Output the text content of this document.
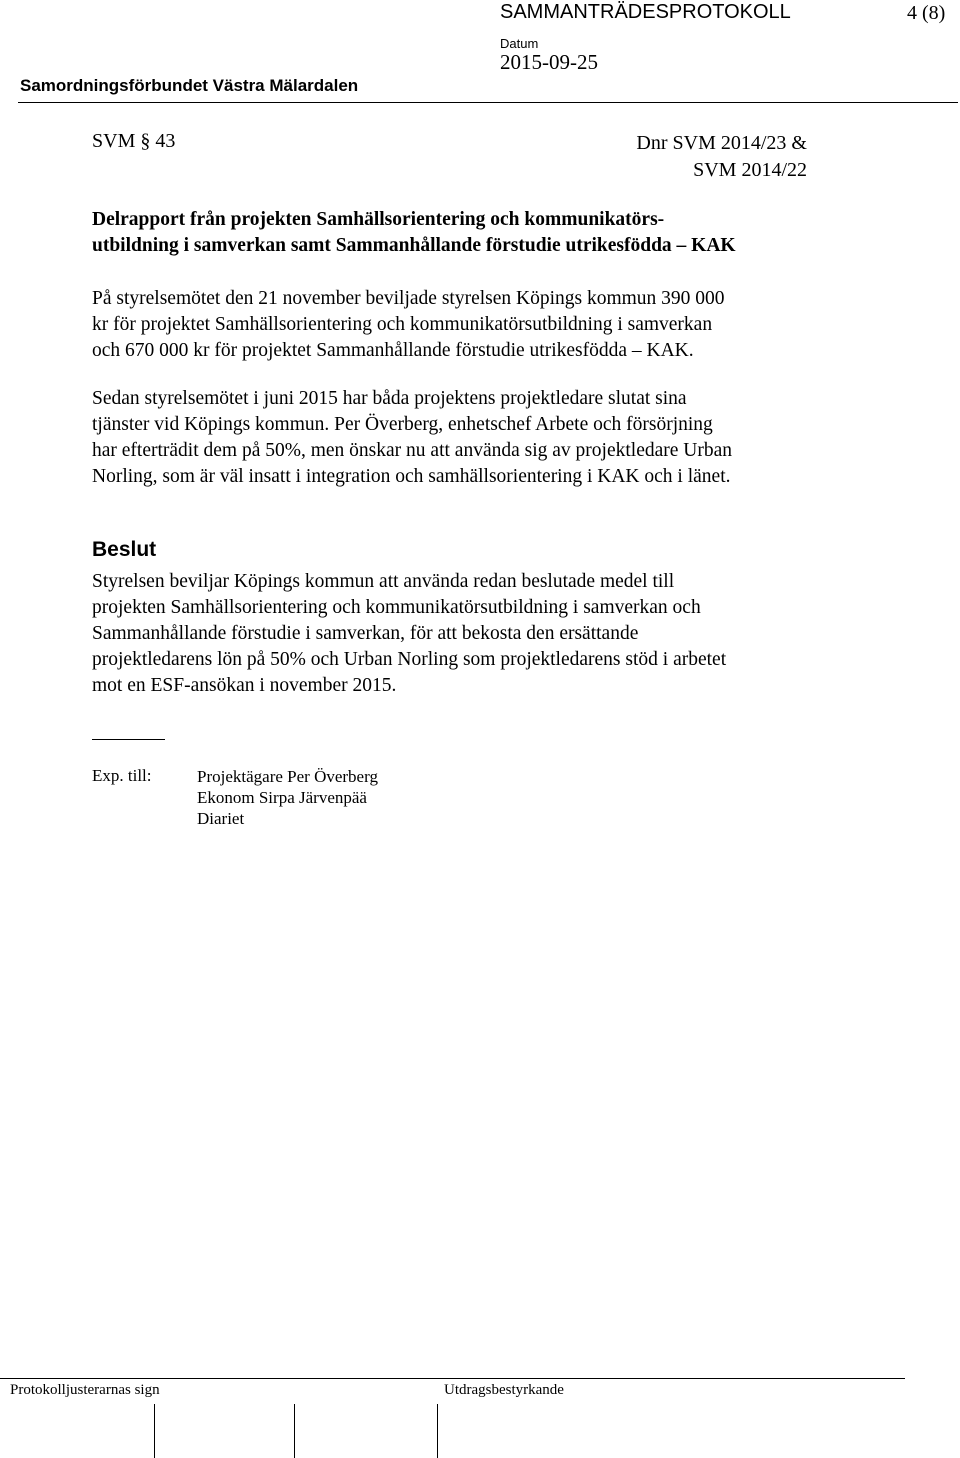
SAMMANTRÄDESPROTOKOLL	4 (8)
Datum
2015-09-25
Samordningsförbundet Västra Mälardalen
SVM § 43	Dnr SVM 2014/23 &
SVM 2014/22
Delrapport från projekten Samhällsorientering och kommunikatörs-
utbildning i samverkan samt Sammanhållande förstudie utrikesfödda – KAK
På styrelsemötet den 21 november beviljade styrelsen Köpings kommun 390 000
kr för projektet Samhällsorientering och kommunikatörsutbildning i samverkan
och 670 000 kr för projektet Sammanhållande förstudie utrikesfödda – KAK.
Sedan styrelsemötet i juni 2015 har båda projektens projektledare slutat sina
tjänster vid Köpings kommun. Per Överberg, enhetschef Arbete och försörjning
har efterträdit dem på 50%, men önskar nu att använda sig av projektledare Urban
Norling, som är väl insatt i integration och samhällsorientering i KAK och i länet.
Beslut
Styrelsen beviljar Köpings kommun att använda redan beslutade medel till
projekten Samhällsorientering och kommunikatörsutbildning i samverkan och
Sammanhållande förstudie i samverkan, för att bekosta den ersättande
projektledarens lön på 50% och Urban Norling som projektledarens stöd i arbetet
mot en ESF-ansökan i november 2015.
Exp. till:	Projektägare Per Överberg
Ekonom Sirpa Järvenpää
Diariet
Protokolljusterarnas sign	Utdragsbestyrkande
